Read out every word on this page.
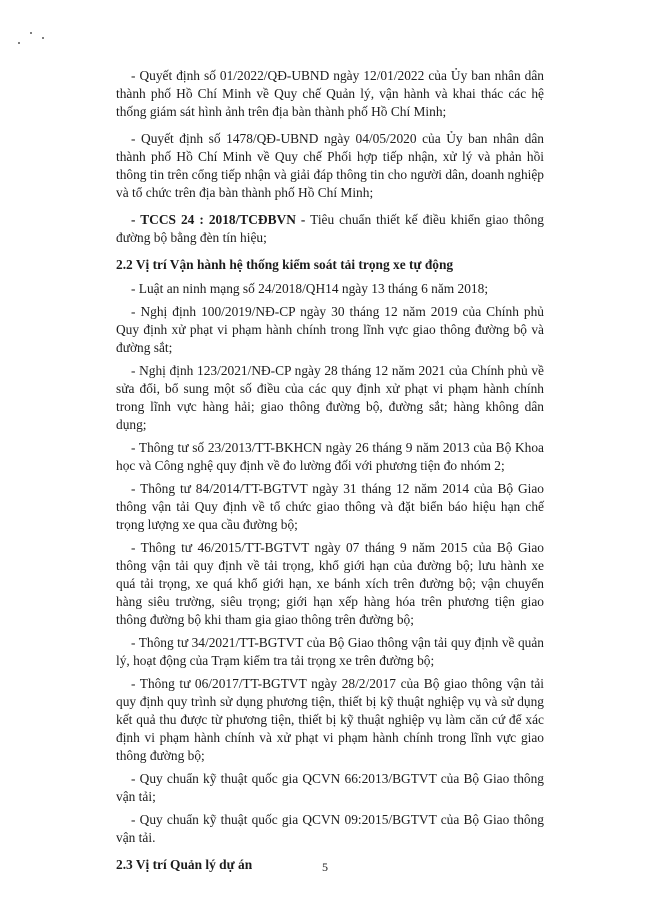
- Quyết định số 01/2022/QĐ-UBND ngày 12/01/2022 của Ủy ban nhân dân thành phố Hồ Chí Minh về Quy chế Quản lý, vận hành và khai thác các hệ thống giám sát hình ảnh trên địa bàn thành phố Hồ Chí Minh;

- Quyết định số 1478/QĐ-UBND ngày 04/05/2020 của Ủy ban nhân dân thành phố Hồ Chí Minh về Quy chế Phối hợp tiếp nhận, xử lý và phản hồi thông tin trên cổng tiếp nhận và giải đáp thông tin cho người dân, doanh nghiệp và tổ chức trên địa bàn thành phố Hồ Chí Minh;

- TCCS 24 : 2018/TCĐBVN - Tiêu chuẩn thiết kế điều khiển giao thông đường bộ bằng đèn tín hiệu;

2.2 Vị trí Vận hành hệ thống kiểm soát tải trọng xe tự động

- Luật an ninh mạng số 24/2018/QH14 ngày 13 tháng 6 năm 2018;

- Nghị định 100/2019/NĐ-CP ngày 30 tháng 12 năm 2019 của Chính phủ Quy định xử phạt vi phạm hành chính trong lĩnh vực giao thông đường bộ và đường sắt;

- Nghị định 123/2021/NĐ-CP ngày 28 tháng 12 năm 2021 của Chính phủ về sửa đổi, bổ sung một số điều của các quy định xử phạt vi phạm hành chính trong lĩnh vực hàng hải; giao thông đường bộ, đường sắt; hàng không dân dụng;

- Thông tư số 23/2013/TT-BKHCN ngày 26 tháng 9 năm 2013 của Bộ Khoa học và Công nghệ quy định về đo lường đối với phương tiện đo nhóm 2;

- Thông tư 84/2014/TT-BGTVT ngày 31 tháng 12 năm 2014 của Bộ Giao thông vận tải Quy định về tổ chức giao thông và đặt biển báo hiệu hạn chế trọng lượng xe qua cầu đường bộ;

- Thông tư 46/2015/TT-BGTVT ngày 07 tháng 9 năm 2015 của Bộ Giao thông vận tải quy định về tải trọng, khổ giới hạn của đường bộ; lưu hành xe quá tải trọng, xe quá khổ giới hạn, xe bánh xích trên đường bộ; vận chuyển hàng siêu trường, siêu trọng; giới hạn xếp hàng hóa trên phương tiện giao thông đường bộ khi tham gia giao thông trên đường bộ;

- Thông tư 34/2021/TT-BGTVT của Bộ Giao thông vận tải quy định về quản lý, hoạt động của Trạm kiểm tra tải trọng xe trên đường bộ;

- Thông tư 06/2017/TT-BGTVT ngày 28/2/2017 của Bộ giao thông vận tải quy định quy trình sử dụng phương tiện, thiết bị kỹ thuật nghiệp vụ và sử dụng kết quả thu được từ phương tiện, thiết bị kỹ thuật nghiệp vụ làm căn cứ để xác định vi phạm hành chính và xử phạt vi phạm hành chính trong lĩnh vực giao thông đường bộ;

- Quy chuẩn kỹ thuật quốc gia QCVN 66:2013/BGTVT của Bộ Giao thông vận tải;

- Quy chuẩn kỹ thuật quốc gia QCVN 09:2015/BGTVT của Bộ Giao thông vận tải.

2.3 Vị trí Quản lý dự án	5
